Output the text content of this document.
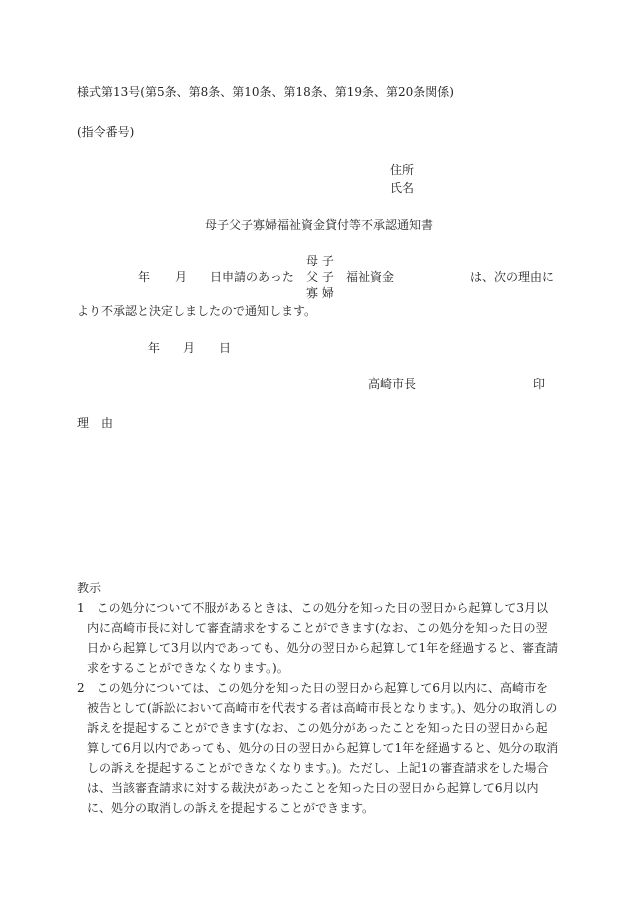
様式第13号(第5条、第8条、第10条、第18条、第19条、第20条関係)
(指令番号)
住所
氏名
母子父子寡婦福祉資金貸付等不承認通知書
年 月 日申請のあった
母 子
父 子
寡 婦
福祉資金	は、次の理由に
より不承認と決定しましたので通知します。
年 月 日
高崎市長	印
理　由
教示
1　この処分について不服があるときは、この処分を知った日の翌日から起算して3月以内に高崎市長に対して審査請求をすることができます(なお、この処分を知った日の翌日から起算して3月以内であっても、処分の翌日から起算して1年を経過すると、審査請求をすることができなくなります。)。
2　この処分については、この処分を知った日の翌日から起算して6月以内に、高崎市を被告として(訴訟において高崎市を代表する者は高崎市長となります。)、処分の取消しの訴えを提起することができます(なお、この処分があったことを知った日の翌日から起算して6月以内であっても、処分の日の翌日から起算して1年を経過すると、処分の取消しの訴えを提起することができなくなります。)。ただし、上記1の審査請求をした場合は、当該審査請求に対する裁決があったことを知った日の翌日から起算して6月以内に、処分の取消しの訴えを提起することができます。
